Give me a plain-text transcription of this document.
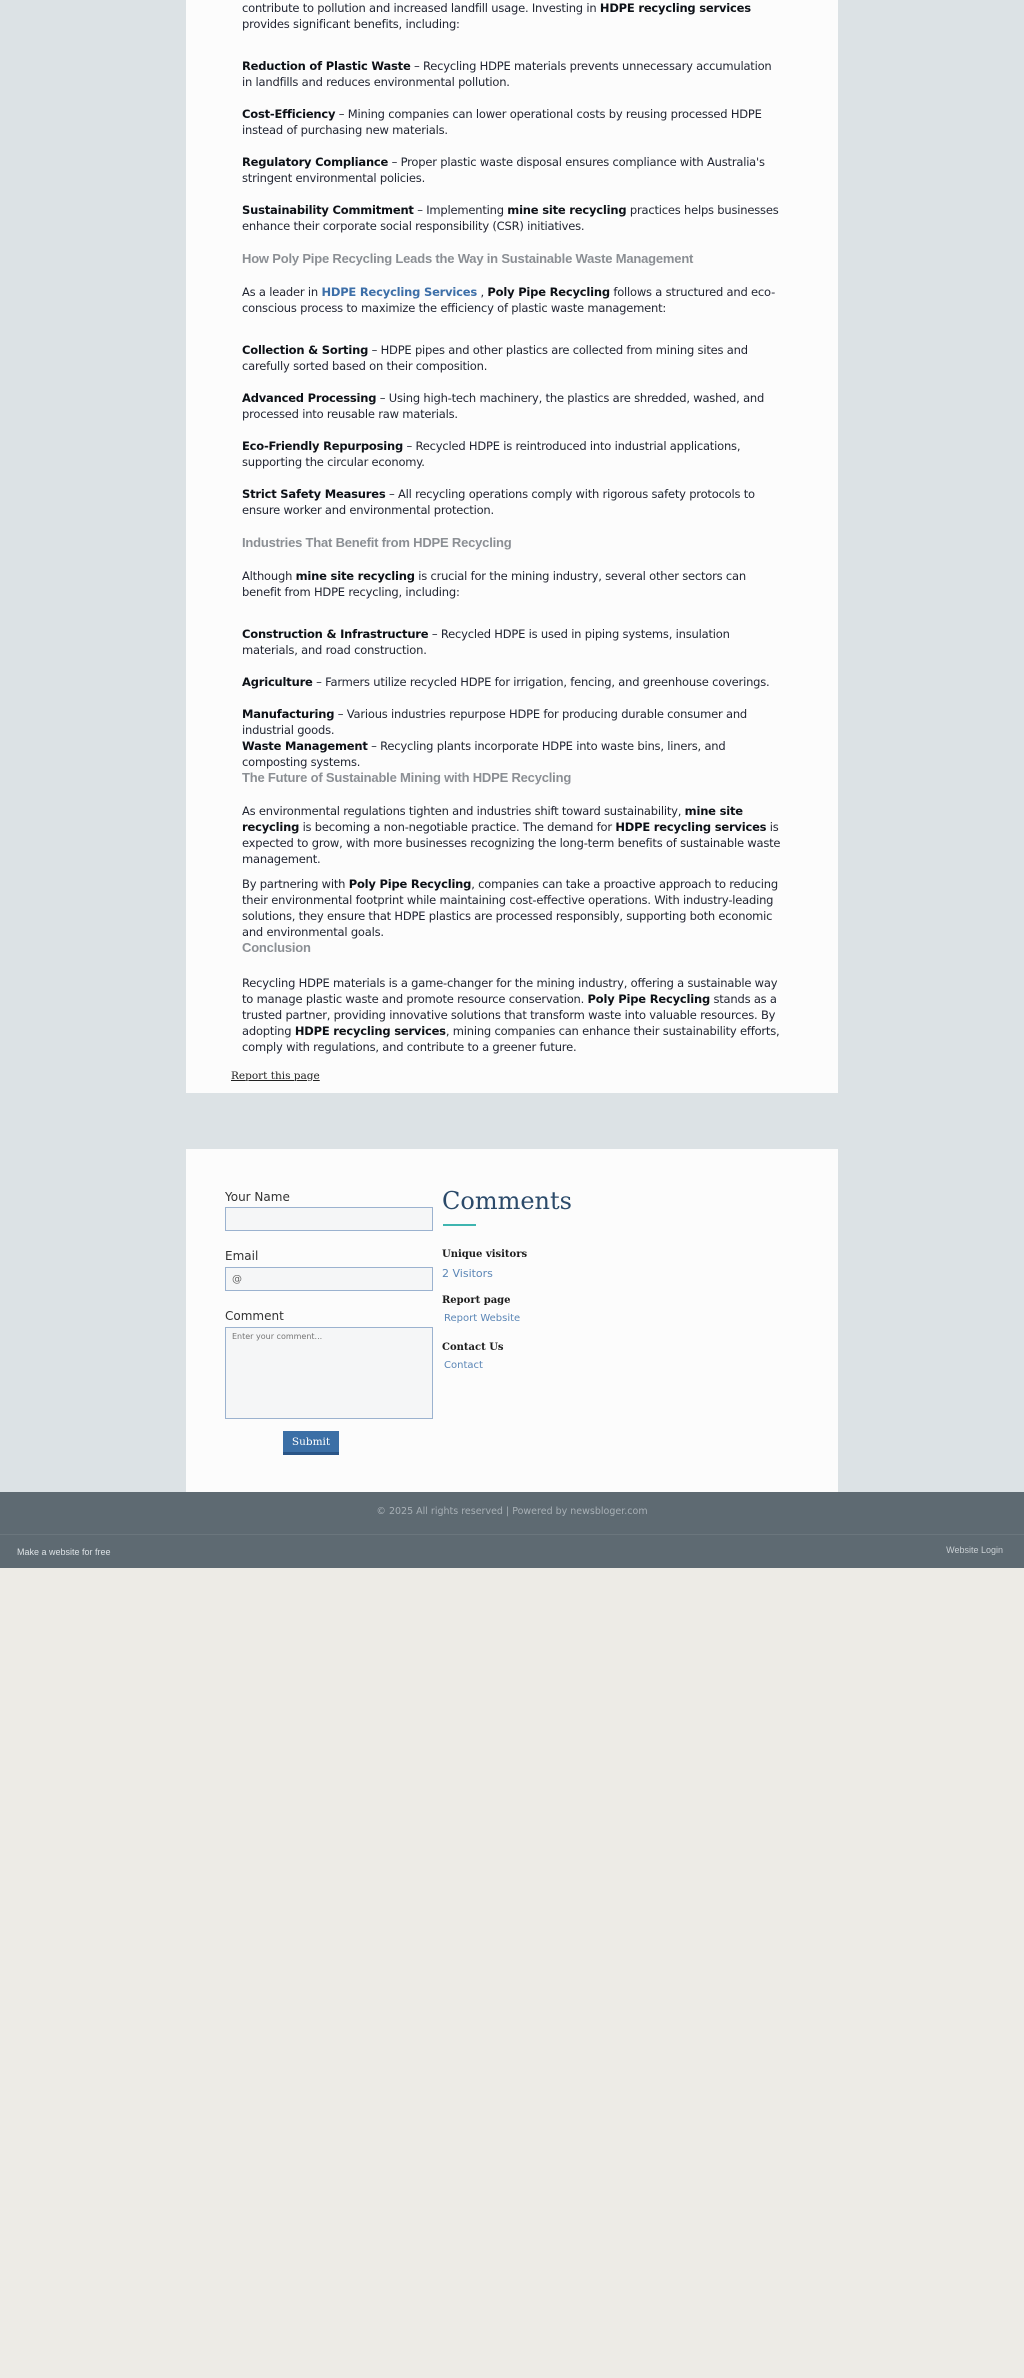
contribute to pollution and increased landfill usage. Investing in HDPE recycling services provides significant benefits, including:

Reduction of Plastic Waste – Recycling HDPE materials prevents unnecessary accumulation in landfills and reduces environmental pollution.

Cost-Efficiency – Mining companies can lower operational costs by reusing processed HDPE instead of purchasing new materials.

Regulatory Compliance – Proper plastic waste disposal ensures compliance with Australia's stringent environmental policies.

Sustainability Commitment – Implementing mine site recycling practices helps businesses enhance their corporate social responsibility (CSR) initiatives.

How Poly Pipe Recycling Leads the Way in Sustainable Waste Management

As a leader in HDPE Recycling Services , Poly Pipe Recycling follows a structured and eco-conscious process to maximize the efficiency of plastic waste management:

Collection & Sorting – HDPE pipes and other plastics are collected from mining sites and carefully sorted based on their composition.

Advanced Processing – Using high-tech machinery, the plastics are shredded, washed, and processed into reusable raw materials.

Eco-Friendly Repurposing – Recycled HDPE is reintroduced into industrial applications, supporting the circular economy.

Strict Safety Measures – All recycling operations comply with rigorous safety protocols to ensure worker and environmental protection.

Industries That Benefit from HDPE Recycling

Although mine site recycling is crucial for the mining industry, several other sectors can benefit from HDPE recycling, including:

Construction & Infrastructure – Recycled HDPE is used in piping systems, insulation materials, and road construction.

Agriculture – Farmers utilize recycled HDPE for irrigation, fencing, and greenhouse coverings.

Manufacturing – Various industries repurpose HDPE for producing durable consumer and industrial goods.

Waste Management – Recycling plants incorporate HDPE into waste bins, liners, and composting systems.

The Future of Sustainable Mining with HDPE Recycling

As environmental regulations tighten and industries shift toward sustainability, mine site recycling is becoming a non-negotiable practice. The demand for HDPE recycling services is expected to grow, with more businesses recognizing the long-term benefits of sustainable waste management.

By partnering with Poly Pipe Recycling, companies can take a proactive approach to reducing their environmental footprint while maintaining cost-effective operations. With industry-leading solutions, they ensure that HDPE plastics are processed responsibly, supporting both economic and environmental goals.

Conclusion

Recycling HDPE materials is a game-changer for the mining industry, offering a sustainable way to manage plastic waste and promote resource conservation. Poly Pipe Recycling stands as a trusted partner, providing innovative solutions that transform waste into valuable resources. By adopting HDPE recycling services, mining companies can enhance their sustainability efforts, comply with regulations, and contribute to a greener future.

Report this page
Your Name
Email
@
Comment
Enter your comment...
Submit
Comments
Unique visitors
2 Visitors
Report page
Report Website
Contact Us
Contact
© 2025 All rights reserved | Powered by newsbloger.com
Make a website for free	Website Login
